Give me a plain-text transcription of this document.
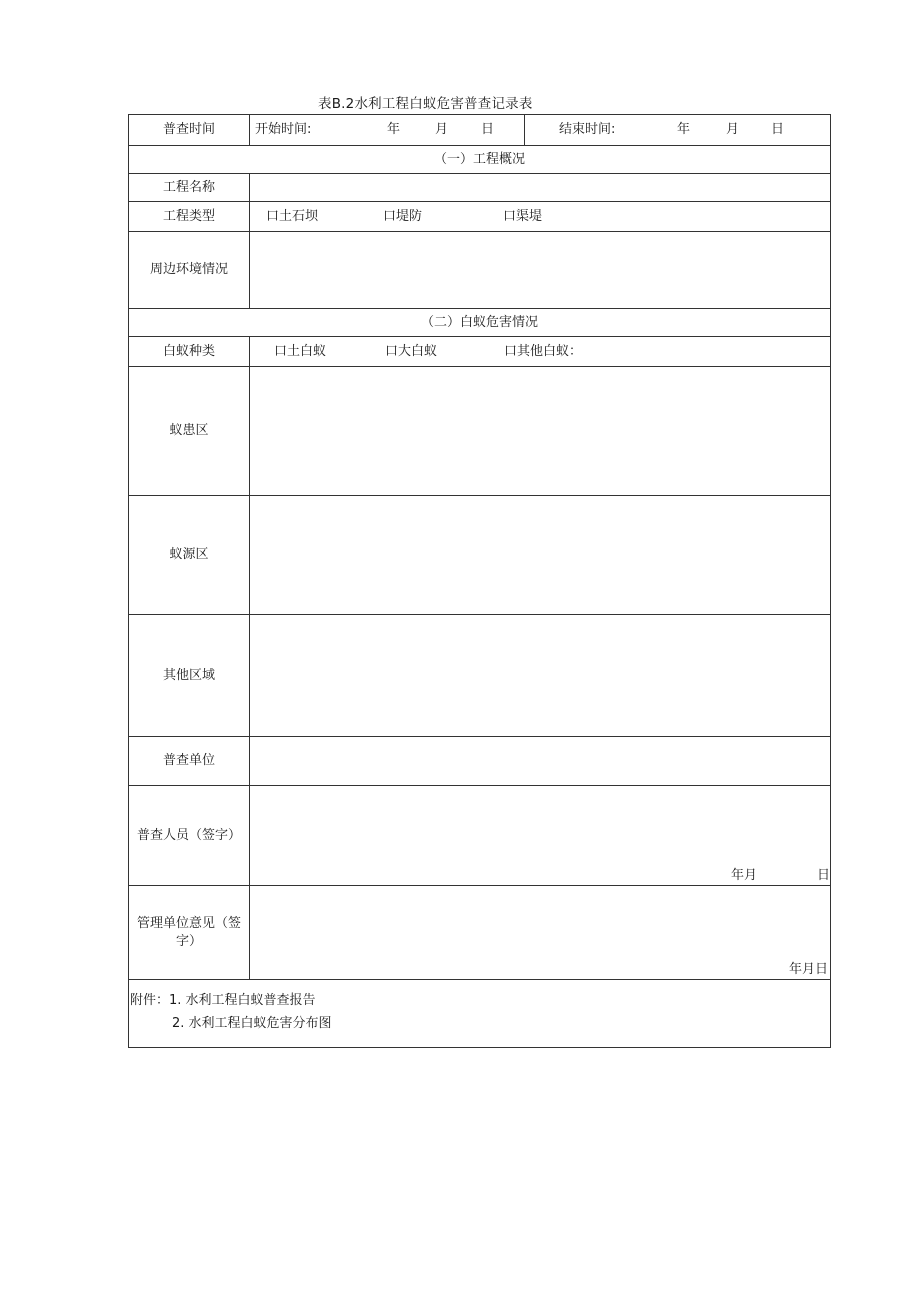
表B.2水利工程白蚁危害普查记录表
普查时间	开始时间: 年 月 日	结束时间: 年 月 日

（一）工程概况		
工程名称		
工程类型	口土石坝 口堤防 口渠堤	

周边环境情况		
（二）白蚁危害情况		
白蚁种类	口土白蚁 口大白蚁 口其他白蚁：	

蚁患区		
蚁源区		
其他区域		
普查单位		
普查人员（签字）	年月 日	

管理单位意见（签
字）	年月日	

附件：1. 水利工程白蚁普查报告
2. 水利工程白蚁危害分布图		
